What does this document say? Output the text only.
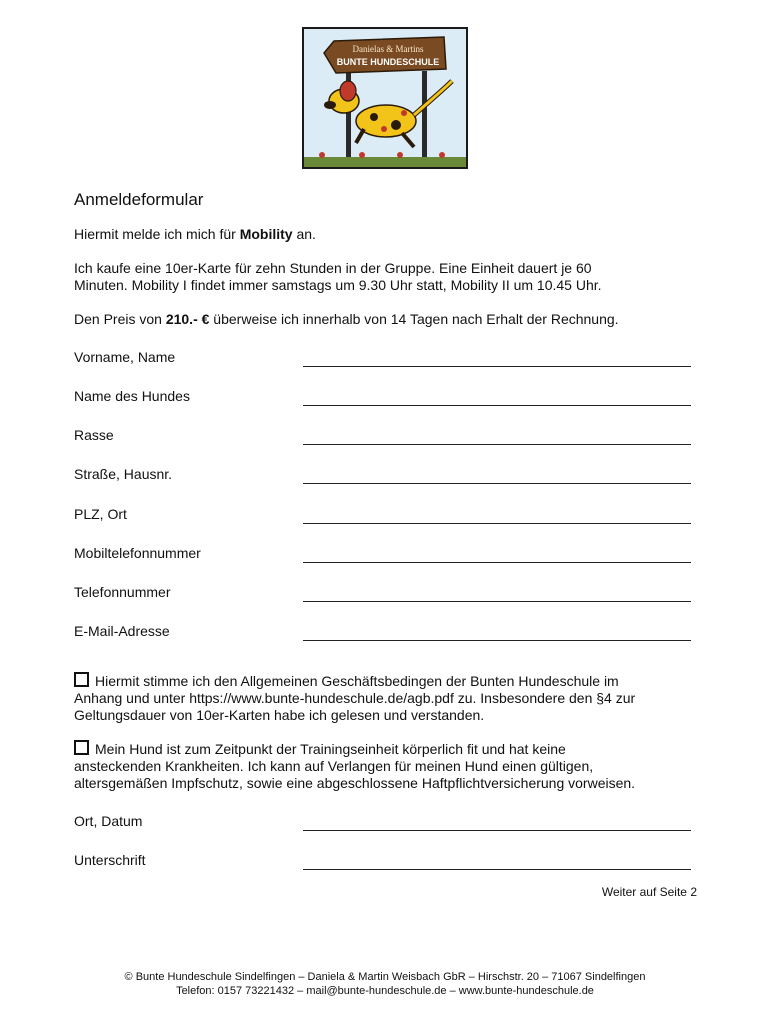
Danielas & Martins
BUNTE HUNDESCHULE
Anmeldeformular

Hiermit melde ich mich für Mobility an.

Ich kaufe eine 10er-Karte für zehn Stunden in der Gruppe. Eine Einheit dauert je 60
Minuten. Mobility I findet immer samstags um 9.30 Uhr statt, Mobility II um 10.45 Uhr.

Den Preis von 210.- € überweise ich innerhalb von 14 Tagen nach Erhalt der Rechnung.

Vorname, Name
Name des Hundes
Rasse
Straße, Hausnr.
PLZ, Ort
Mobiltelefonnummer
Telefonnummer
E-Mail-Adresse

Hiermit stimme ich den Allgemeinen Geschäftsbedingen der Bunten Hundeschule im
Anhang und unter https://www.bunte-hundeschule.de/agb.pdf zu. Insbesondere den §4 zur
Geltungsdauer von 10er-Karten habe ich gelesen und verstanden.

Mein Hund ist zum Zeitpunkt der Trainingseinheit körperlich fit und hat keine
ansteckenden Krankheiten. Ich kann auf Verlangen für meinen Hund einen gültigen,
altersgemäßen Impfschutz, sowie eine abgeschlossene Haftpflichtversicherung vorweisen.

Ort, Datum
Unterschrift
Weiter auf Seite 2
© Bunte Hundeschule Sindelfingen – Daniela & Martin Weisbach GbR – Hirschstr. 20 – 71067 Sindelfingen
Telefon: 0157 73221432 – mail@bunte-hundeschule.de – www.bunte-hundeschule.de
